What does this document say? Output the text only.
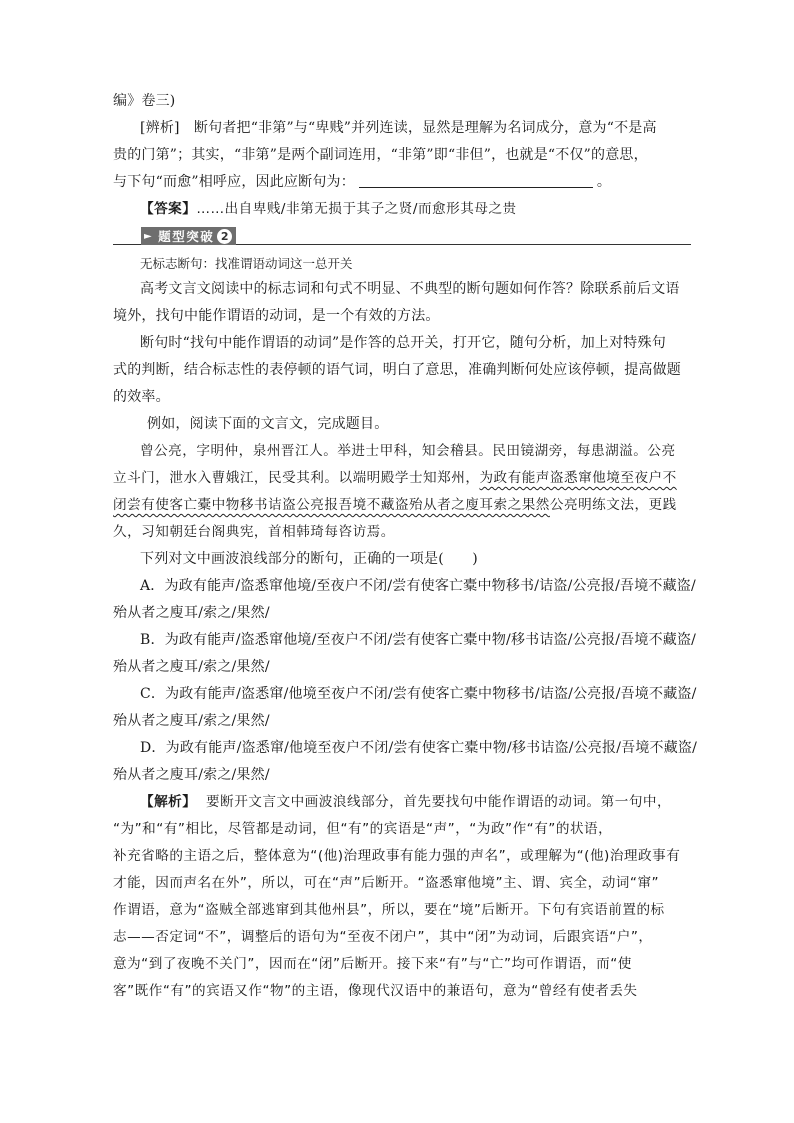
编》卷三)
[辨析]　断句者把“非第”与“卑贱”并列连读，显然是理解为名词成分，意为“不是高
贵的门第”；其实，“非第”是两个副词连用，“非第”即“非但”，也就是“不仅”的意思，
与下句“而愈”相呼应，因此应断句为：	。
【答案】……出自卑贱/非第无损于其子之贤/而愈形其母之贵
► 题型突破 2
无标志断句：找准谓语动词这一总开关
高考文言文阅读中的标志词和句式不明显、不典型的断句题如何作答？除联系前后文语
境外，找句中能作谓语的动词，是一个有效的方法。
断句时“找句中能作谓语的动词”是作答的总开关，打开它，随句分析，加上对特殊句
式的判断，结合标志性的表停顿的语气词，明白了意思，准确判断何处应该停顿，提高做题
的效率。
例如，阅读下面的文言文，完成题目。
曾公亮，字明仲，泉州晋江人。举进士甲科，知会稽县。民田镜湖旁，每患湖溢。公亮
立斗门，泄水入曹娥江，民受其利。以端明殿学士知郑州，为政有能声盗悉窜他境至夜户不
闭尝有使客亡橐中物移书诘盗公亮报吾境不藏盗殆从者之廋耳索之果然公亮明练文法，更践
久，习知朝廷台阁典宪，首相韩琦每咨访焉。
下列对文中画波浪线部分的断句，正确的一项是(　　)
A．为政有能声/盗悉窜他境/至夜户不闭/尝有使客亡橐中物移书/诘盗/公亮报/吾境不藏盗/
殆从者之廋耳/索之/果然/
B．为政有能声/盗悉窜他境/至夜户不闭/尝有使客亡橐中物/移书诘盗/公亮报/吾境不藏盗/
殆从者之廋耳/索之/果然/
C．为政有能声/盗悉窜/他境至夜户不闭/尝有使客亡橐中物移书/诘盗/公亮报/吾境不藏盗/
殆从者之廋耳/索之/果然/
D．为政有能声/盗悉窜/他境至夜户不闭/尝有使客亡橐中物/移书诘盗/公亮报/吾境不藏盗/
殆从者之廋耳/索之/果然/
【解析】 要断开文言文中画波浪线部分，首先要找句中能作谓语的动词。第一句中，
“为”和“有”相比，尽管都是动词，但“有”的宾语是“声”，“为政”作“有”的状语，
补充省略的主语之后，整体意为“(他)治理政事有能力强的声名”，或理解为“(他)治理政事有
才能，因而声名在外”，所以，可在“声”后断开。“盗悉窜他境”主、谓、宾全，动词“窜”
作谓语，意为“盗贼全部逃窜到其他州县”，所以，要在“境”后断开。下句有宾语前置的标
志——否定词“不”，调整后的语句为“至夜不闭户”，其中“闭”为动词，后跟宾语“户”，
意为“到了夜晚不关门”，因而在“闭”后断开。接下来“有”与“亡”均可作谓语，而“使
客”既作“有”的宾语又作“物”的主语，像现代汉语中的兼语句，意为“曾经有使者丢失
